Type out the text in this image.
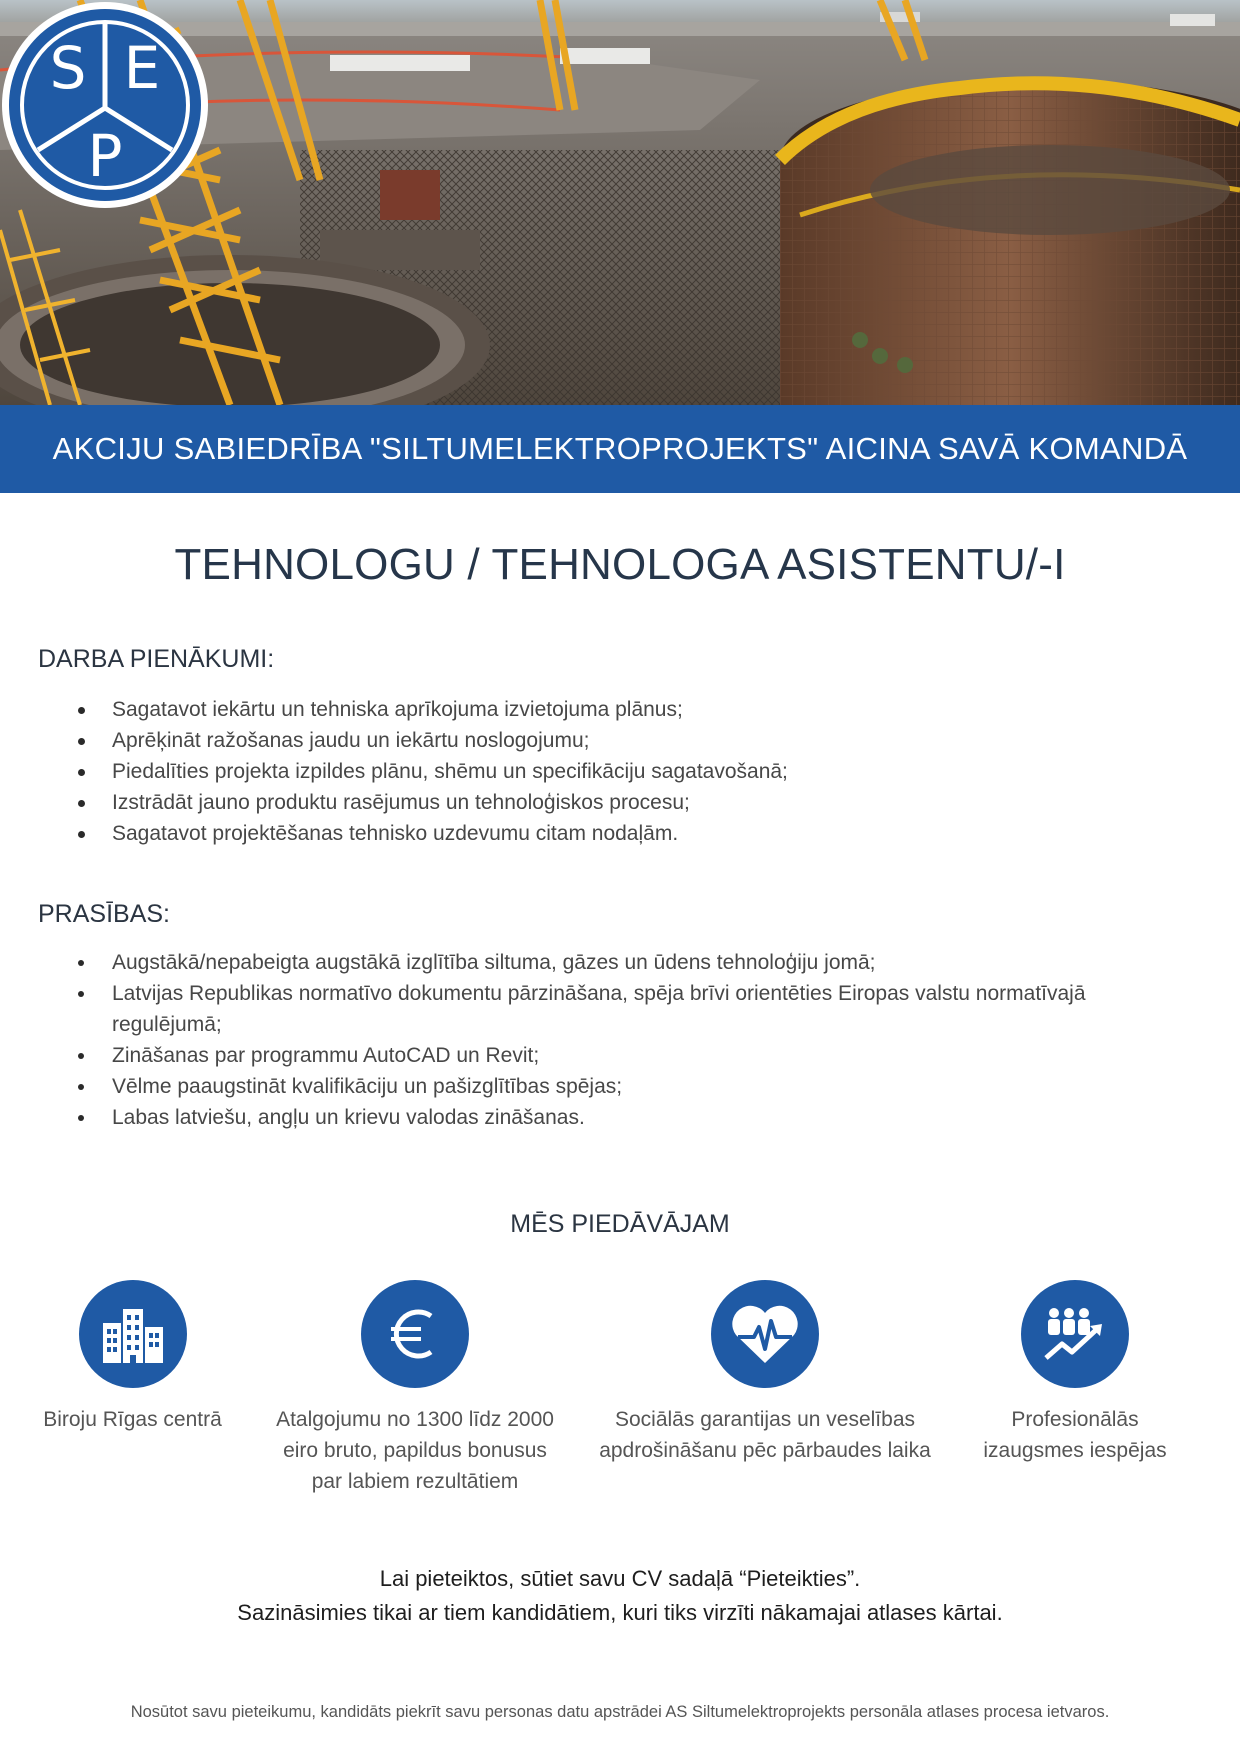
S E
P
AKCIJU SABIEDRĪBA "SILTUMELEKTROPROJEKTS" AICINA SAVĀ KOMANDĀ
TEHNOLOGU / TEHNOLOGA ASISTENTU/-I
DARBA PIENĀKUMI:
Sagatavot iekārtu un tehniska aprīkojuma izvietojuma plānus;
Aprēķināt ražošanas jaudu un iekārtu noslogojumu;
Piedalīties projekta izpildes plānu, shēmu un specifikāciju sagatavošanā;
Izstrādāt jauno produktu rasējumus un tehnoloģiskos procesu;
Sagatavot projektēšanas tehnisko uzdevumu citam nodaļām.
PRASĪBAS:
Augstākā/nepabeigta augstākā izglītība siltuma, gāzes un ūdens tehnoloģiju jomā;
Latvijas Republikas normatīvo dokumentu pārzināšana, spēja brīvi orientēties Eiropas valstu normatīvajā regulējumā;
Zināšanas par programmu AutoCAD un Revit;
Vēlme paaugstināt kvalifikāciju un pašizglītības spējas;
Labas latviešu, angļu un krievu valodas zināšanas.
MĒS PIEDĀVĀJAM
Biroju Rīgas centrā	Atalgojumu no 1300 līdz 2000
eiro bruto, papildus bonusus
par labiem rezultātiem
Sociālās garantijas un veselības
apdrošināšanu pēc pārbaudes laika
Profesionālās
izaugsmes iespējas
Lai pieteiktos, sūtiet savu CV sadaļā “Pieteikties”.
Sazināsimies tikai ar tiem kandidātiem, kuri tiks virzīti nākamajai atlases kārtai.
Nosūtot savu pieteikumu, kandidāts piekrīt savu personas datu apstrādei AS Siltumelektroprojekts personāla atlases procesa ietvaros.
